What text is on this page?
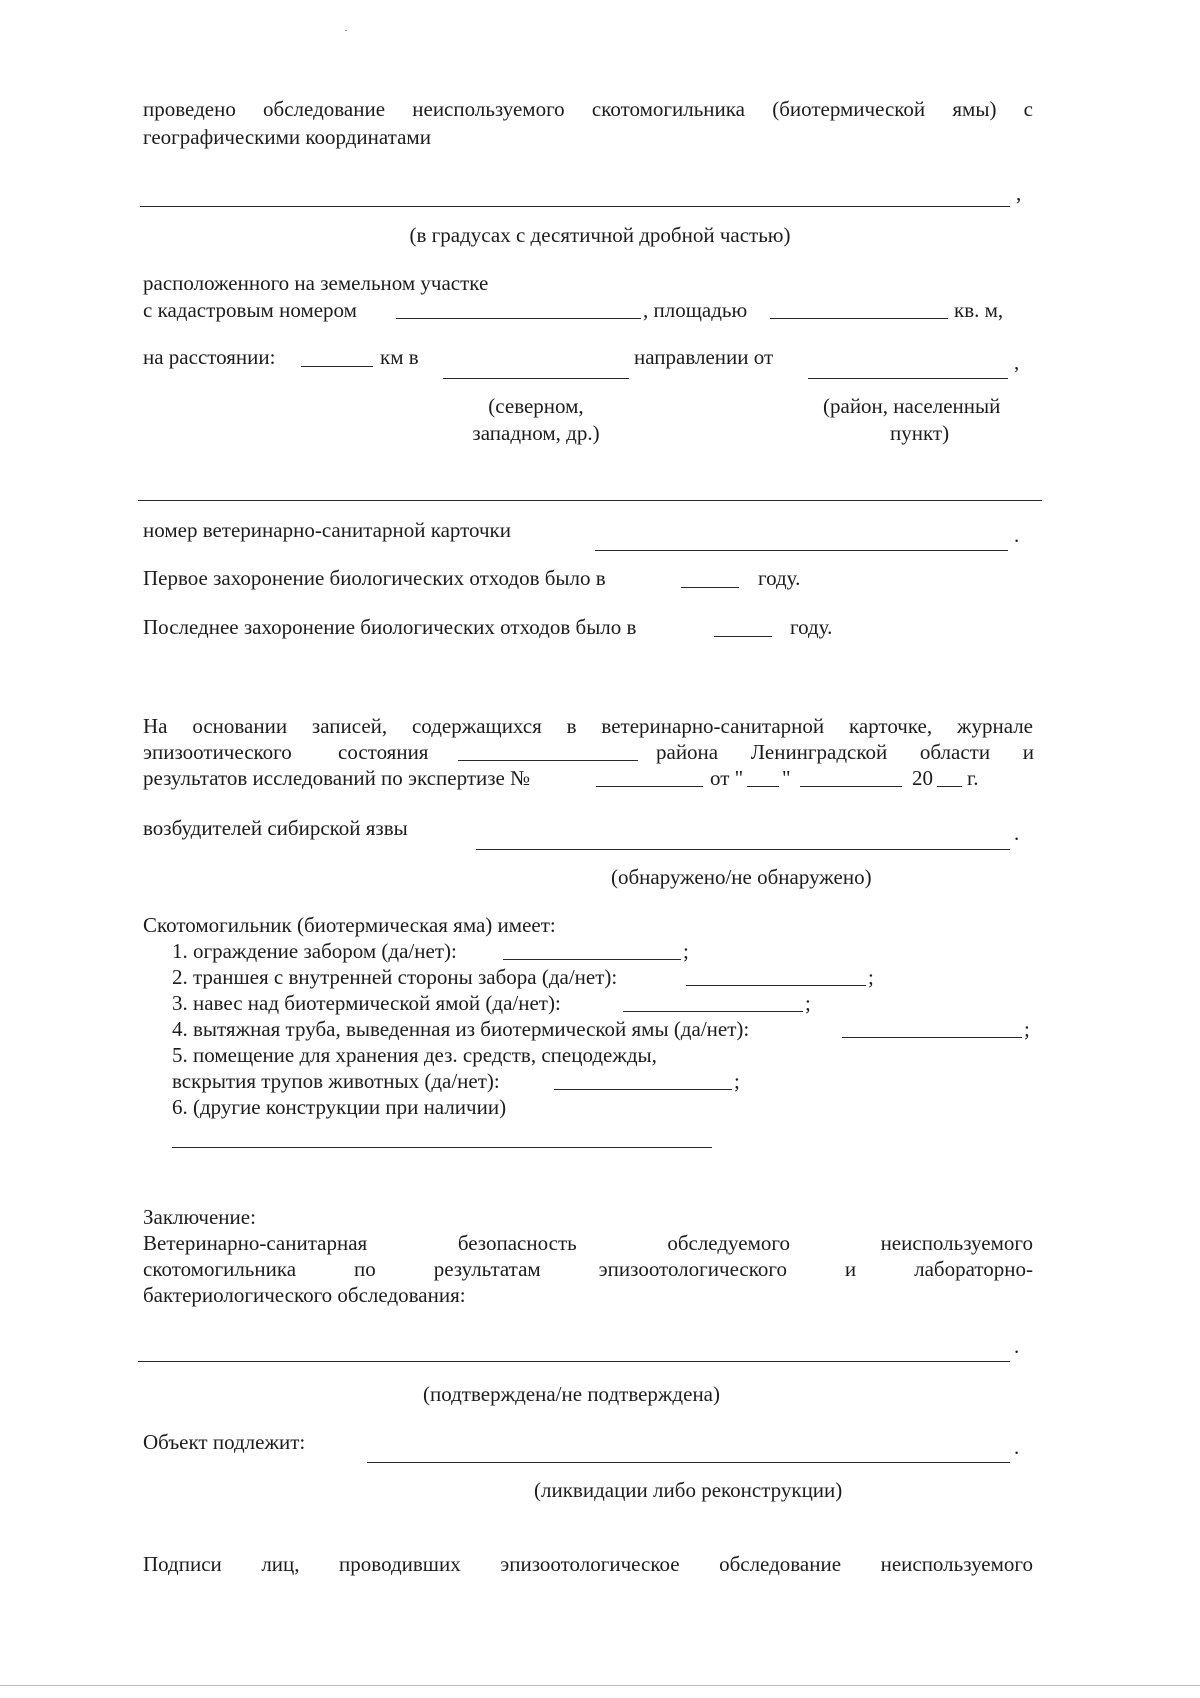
проведено обследование неиспользуемого скотомогильника (биотермической ямы) с
географическими координатами
,
(в градусах с десятичной дробной частью)
расположенного на земельном участке
с кадастровым номером	, площадью	кв. м,
на расстоянии:	км в	направлении от	,
(северном,
западном, др.)
(район, населенный
пункт)
номер ветеринарно-санитарной карточки	.
Первое захоронение биологических отходов было в	году.
Последнее захоронение биологических отходов было в	году.
На основании записей, содержащихся в ветеринарно-санитарной карточке, журнале
эпизоотического состояния	района Ленинградской области и
результатов исследований по экспертизе №	от " "	20 г.
возбудителей сибирской язвы	.
(обнаружено/не обнаружено)
Скотомогильник (биотермическая яма) имеет:
1. ограждение забором (да/нет):	;
2. траншея с внутренней стороны забора (да/нет):	;
3. навес над биотермической ямой (да/нет):	;
4. вытяжная труба, выведенная из биотермической ямы (да/нет):	;
5. помещение для хранения дез. средств, спецодежды,
вскрытия трупов животных (да/нет):	;
6. (другие конструкции при наличии)
Заключение:
Ветеринарно-санитарная безопасность обследуемого неиспользуемого
скотомогильника по результатам эпизоотологического и лабораторно-
бактериологического обследования:
.
(подтверждена/не подтверждена)
Объект подлежит:	.
(ликвидации либо реконструкции)
Подписи лиц, проводивших эпизоотологическое обследование неиспользуемого
